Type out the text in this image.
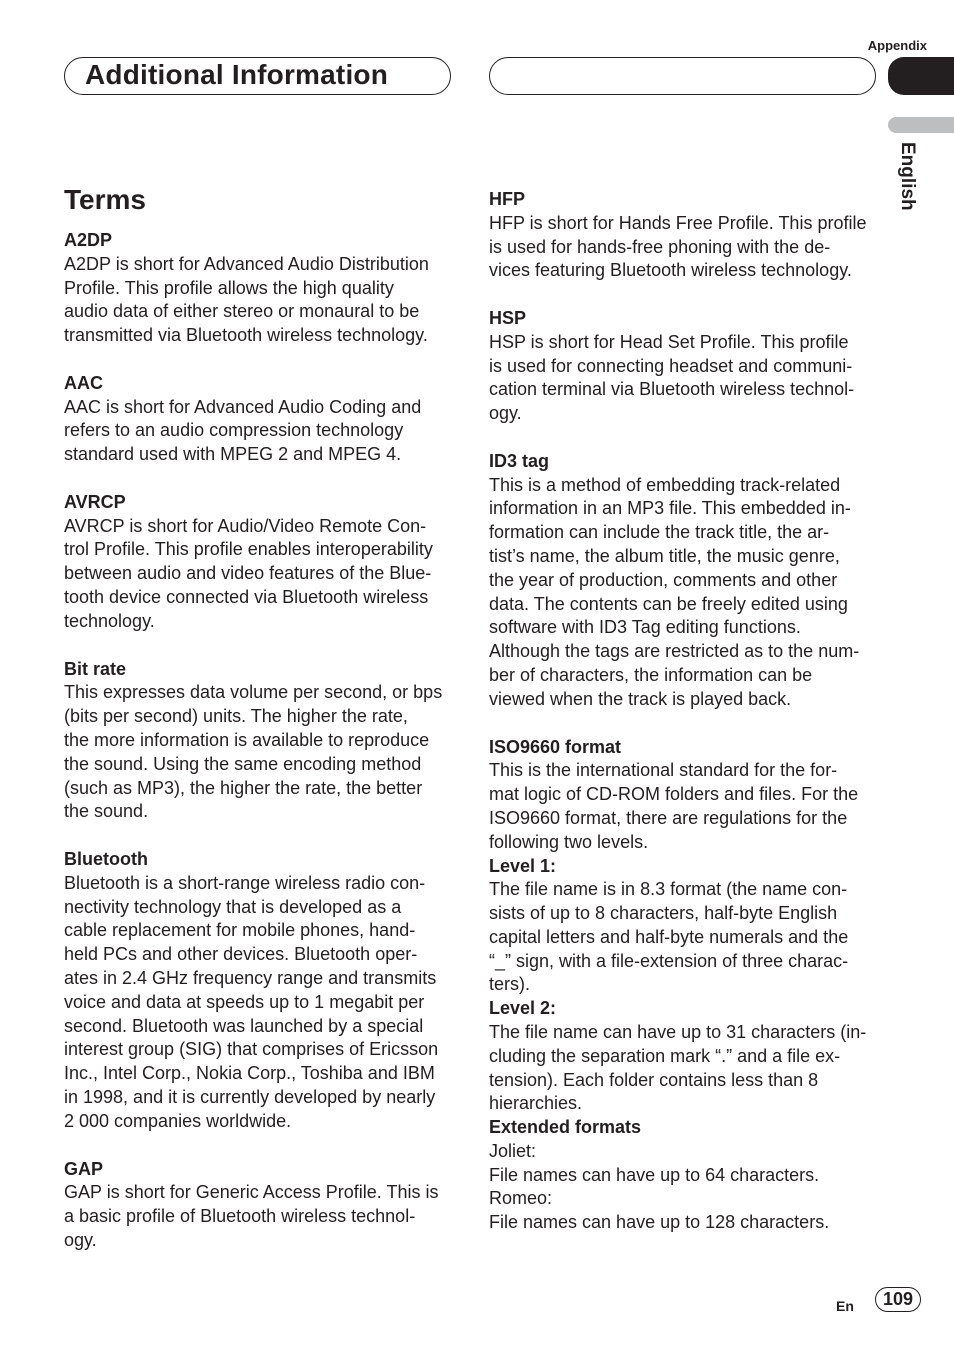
Appendix
Additional Information
English
Terms
A2DP
A2DP is short for Advanced Audio Distribution
Profile. This profile allows the high quality
audio data of either stereo or monaural to be
transmitted via Bluetooth wireless technology.
AAC
AAC is short for Advanced Audio Coding and
refers to an audio compression technology
standard used with MPEG 2 and MPEG 4.
AVRCP
AVRCP is short for Audio/Video Remote Con-
trol Profile. This profile enables interoperability
between audio and video features of the Blue-
tooth device connected via Bluetooth wireless
technology.
Bit rate
This expresses data volume per second, or bps
(bits per second) units. The higher the rate,
the more information is available to reproduce
the sound. Using the same encoding method
(such as MP3), the higher the rate, the better
the sound.
Bluetooth
Bluetooth is a short-range wireless radio con-
nectivity technology that is developed as a
cable replacement for mobile phones, hand-
held PCs and other devices. Bluetooth oper-
ates in 2.4 GHz frequency range and transmits
voice and data at speeds up to 1 megabit per
second. Bluetooth was launched by a special
interest group (SIG) that comprises of Ericsson
Inc., Intel Corp., Nokia Corp., Toshiba and IBM
in 1998, and it is currently developed by nearly
2 000 companies worldwide.
GAP
GAP is short for Generic Access Profile. This is
a basic profile of Bluetooth wireless technol-
ogy.
HFP
HFP is short for Hands Free Profile. This profile
is used for hands-free phoning with the de-
vices featuring Bluetooth wireless technology.
HSP
HSP is short for Head Set Profile. This profile
is used for connecting headset and communi-
cation terminal via Bluetooth wireless technol-
ogy.
ID3 tag
This is a method of embedding track-related
information in an MP3 file. This embedded in-
formation can include the track title, the ar-
tist’s name, the album title, the music genre,
the year of production, comments and other
data. The contents can be freely edited using
software with ID3 Tag editing functions.
Although the tags are restricted as to the num-
ber of characters, the information can be
viewed when the track is played back.
ISO9660 format
This is the international standard for the for-
mat logic of CD-ROM folders and files. For the
ISO9660 format, there are regulations for the
following two levels.
Level 1:
The file name is in 8.3 format (the name con-
sists of up to 8 characters, half-byte English
capital letters and half-byte numerals and the
“_” sign, with a file-extension of three charac-
ters).
Level 2:
The file name can have up to 31 characters (in-
cluding the separation mark “.” and a file ex-
tension). Each folder contains less than 8
hierarchies.
Extended formats
Joliet:
File names can have up to 64 characters.
Romeo:
File names can have up to 128 characters.
En	109
